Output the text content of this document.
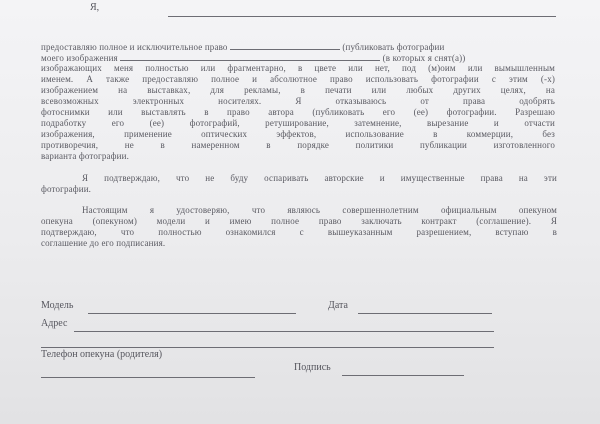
Я,
предоставляю полное и исключительное право	(публиковать фотографии
моего изображения	(в которых я снят(а))
изображающих меня полностью или фрагментарно, в цвете или нет, под (м)оим или вымышленным
именем. А также предоставляю полное и абсолютное право использовать фотографии с этим (-х)
изображением на выставках, для рекламы, в печати или любых других целях, на
всевозможных электронных носителях. Я отказываюсь от права одобрять
фотоснимки или выставлять в право автора (публиковать его (ее) фотографии. Разрешаю
подработку его (ее) фотографий, ретуширование, затемнение, вырезание и отчасти
изображения, применение оптических эффектов, использование в коммерции, без
противоречия, не в намеренном в порядке политики публикации изготовленного
варианта фотографии.
Я подтверждаю, что не буду оспаривать авторские и имущественные права на эти
фотографии.
Настоящим я удостоверяю, что являюсь совершеннолетним официальным опекуном
опекуна (опекуном) модели и имею полное право заключать контракт (соглашение). Я
подтверждаю, что полностью ознакомился с вышеуказанным разрешением, вступаю в
соглашение до его подписания.
Модель	Дата
Адрес
Телефон опекуна (родителя)
Подпись
